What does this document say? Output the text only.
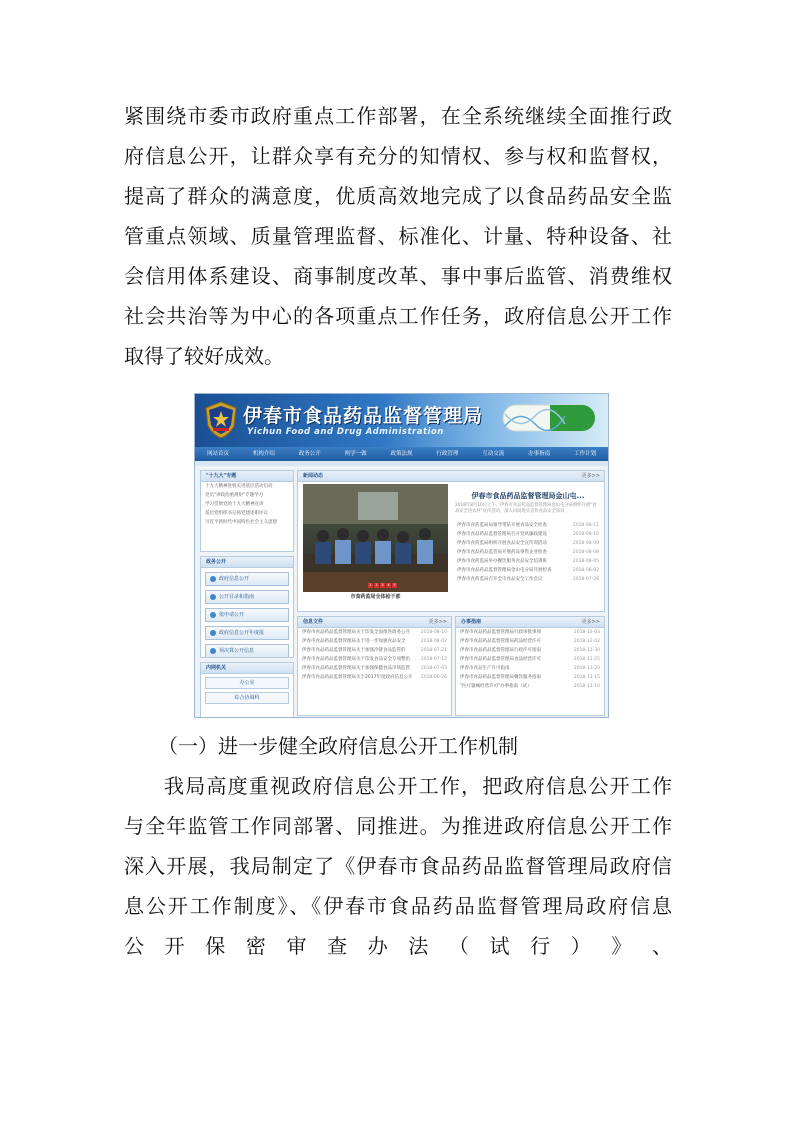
紧围绕市委市政府重点工作部署，在全系统继续全面推行政
府信息公开，让群众享有充分的知情权、参与权和监督权，
提高了群众的满意度，优质高效地完成了以食品药品安全监
管重点领域、质量管理监督、标准化、计量、特种设备、社
会信用体系建设、商事制度改革、事中事后监管、消费维权
社会共治等为中心的各项重点工作任务，政府信息公开工作
取得了较好成效。
伊春市食品药品监督管理局
Yichun Food and Drug Administration
网站首页	机构介绍	政务公开	两学一做	政策法规	行政管理	互动交流	办事指南	工作计划
"十九大"专题
十九大精神进机关进基层活动启动
党员"讲政治重规矩"专题学习
学习贯彻党的十九大精神宣讲
基层党组织书记抓党建述职评议
习近平新时代中国特色社会主义思想
政务公开
政府信息公开
公开目录和指南
依申请公开
政府信息公开年度报
预决算公开信息
内网机关
办公室
综合协调科
新闻动态	更多>>
1	2	3	4	5
市食药监局全体检干部
伊春市食品药品监督管理局金山屯...
2018年8月10日上午，伊春市食品药品监督管理局金山屯分局组织开展"食品安全进农村"宣传活动，深入田间地头宣传食品安全知识
伊春市食药监局局领导带队开展食品安全检查	2018-08-11
伊春市食品药品监督管理局召开党风廉政建设	2018-08-10
伊春市食药监局组织开展食品安全宣传周活动	2018-08-09
伊春市食品药品监管局开展药品零售企业检查	2018-08-08
伊春市食药监局举办餐饮服务食品安全培训班	2018-08-05
伊春市食品药品监督管理局金山屯分局开展检查	2018-08-02
伊春市食药监局召开全市食品安全工作会议	2018-07-28
信息文件	更多>>
伊春市食品药品监督管理局关于印发全面推进政务公开	2018-08-10
伊春市食品药品监督管理局关于进一步加强食品安全	2018-08-02
伊春市食品药品监督管理局关于加强冷链食品监管的	2018-07-21
伊春市食品药品监督管理局关于印发食品安全专项整治	2018-07-12
伊春市食品药品监督管理局关于加强保健食品市场监管	2018-07-03
伊春市食品药品监督管理局关于2017年度政府信息公开	2018-06-26
办事指南	更多>>
伊春市食品药品监督管理局行政审批事项	2018-12-03
伊春市食品药品监督管理局药品经营许可	2018-12-02
伊春市食品药品监督管理局行政许可指南	2018-11-30
伊春市食品药品监督管理局食品经营许可	2018-11-25
伊春市食品生产许可指南	2018-11-20
伊春市食品药品监督管理局餐饮服务指南	2018-11-15
"医疗器械经营许可"办事指南（试）	2018-11-10
（一）进一步健全政府信息公开工作机制
我局高度重视政府信息公开工作，把政府信息公开工作
与全年监管工作同部署、同推进。为推进政府信息公开工作
深入开展，我局制定了《伊春市食品药品监督管理局政府信
息公开工作制度》、《伊春市食品药品监督管理局政府信息
公 开 保 密 审 查 办 法 （ 试 行 ） 》 、
